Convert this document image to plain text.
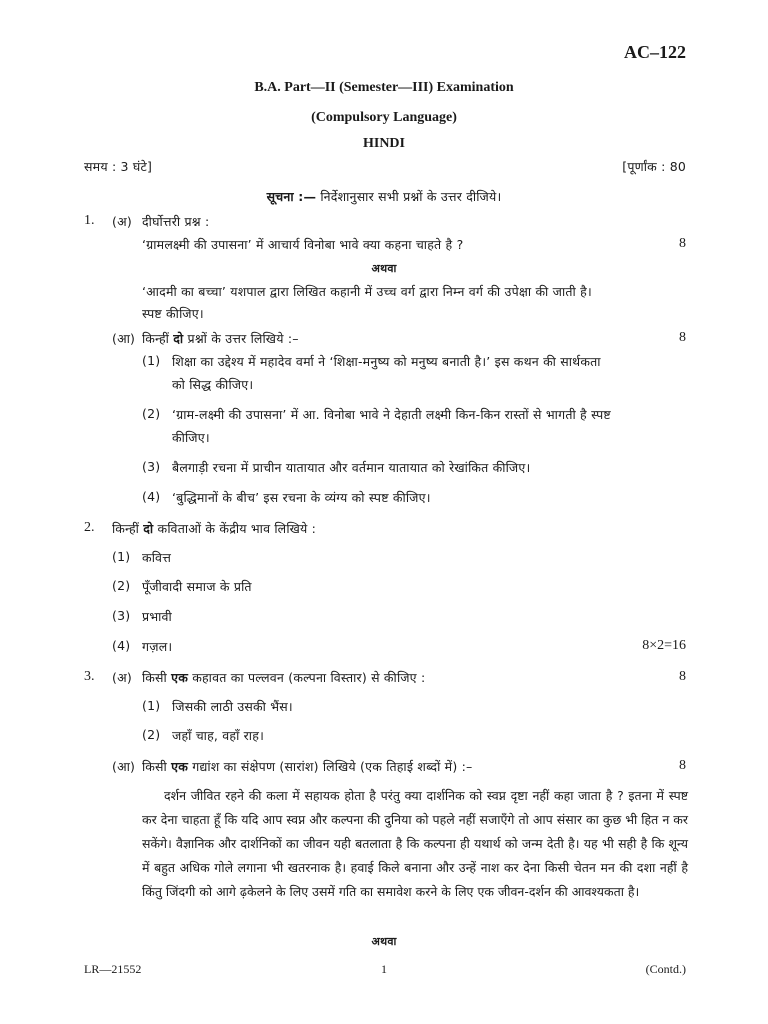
AC–122
B.A. Part—II (Semester—III) Examination
(Compulsory Language)
HINDI
समय : 3 घंटे]	[पूर्णांक : 80
सूचना :— निर्देशानुसार सभी प्रश्नों के उत्तर दीजिये।
1. (अ) दीर्घोत्तरी प्रश्न :
‘ग्रामलक्ष्मी की उपासना’ में आचार्य विनोबा भावे क्या कहना चाहते है ?	8
अथवा
‘आदमी का बच्चा’ यशपाल द्वारा लिखित कहानी में उच्च वर्ग द्वारा निम्न वर्ग की उपेक्षा की जाती है।
स्पष्ट कीजिए।
(आ) किन्हीं दो प्रश्नों के उत्तर लिखिये :–	8
(1) शिक्षा का उद्देश्य में महादेव वर्मा ने ‘शिक्षा-मनुष्य को मनुष्य बनाती है।’ इस कथन की सार्थकता
को सिद्ध कीजिए।
(2) ‘ग्राम-लक्ष्मी की उपासना’ में आ. विनोबा भावे ने देहाती लक्ष्मी किन-किन रास्तों से भागती है स्पष्ट
कीजिए।
(3) बैलगाड़ी रचना में प्राचीन यातायात और वर्तमान यातायात को रेखांकित कीजिए।
(4) ‘बुद्धिमानों के बीच’ इस रचना के व्यंग्य को स्पष्ट कीजिए।
2. किन्हीं दो कविताओं के केंद्रीय भाव लिखिये :
(1) कवित्त
(2) पूँजीवादी समाज के प्रति
(3) प्रभावी
(4) गज़ल।	8×2=16
3. (अ) किसी एक कहावत का पल्लवन (कल्पना विस्तार) से कीजिए :	8
(1) जिसकी लाठी उसकी भैंस।
(2) जहाँ चाह, वहाँ राह।
(आ) किसी एक गद्यांश का संक्षेपण (सारांश) लिखिये (एक तिहाई शब्दों में) :–	8
दर्शन जीवित रहने की कला में सहायक होता है परंतु क्या दार्शनिक को स्वप्न दृष्टा नहीं कहा जाता है ? इतना में स्पष्ट कर देना चाहता हूँ कि यदि आप स्वप्न और कल्पना की दुनिया को पहले नहीं सजाएँगे तो आप संसार का कुछ भी हित न कर सकेंगे। वैज्ञानिक और दार्शनिकों का जीवन यही बतलाता है कि कल्पना ही यथार्थ को जन्म देती है। यह भी सही है कि शून्य में बहुत अधिक गोले लगाना भी खतरनाक है। हवाई किले बनाना और उन्हें नाश कर देना किसी चेतन मन की दशा नहीं है किंतु जिंदगी को आगे ढ़केलने के लिए उसमें गति का समावेश करने के लिए एक जीवन-दर्शन की आवश्यकता है।
अथवा
LR—21552	1	(Contd.)
